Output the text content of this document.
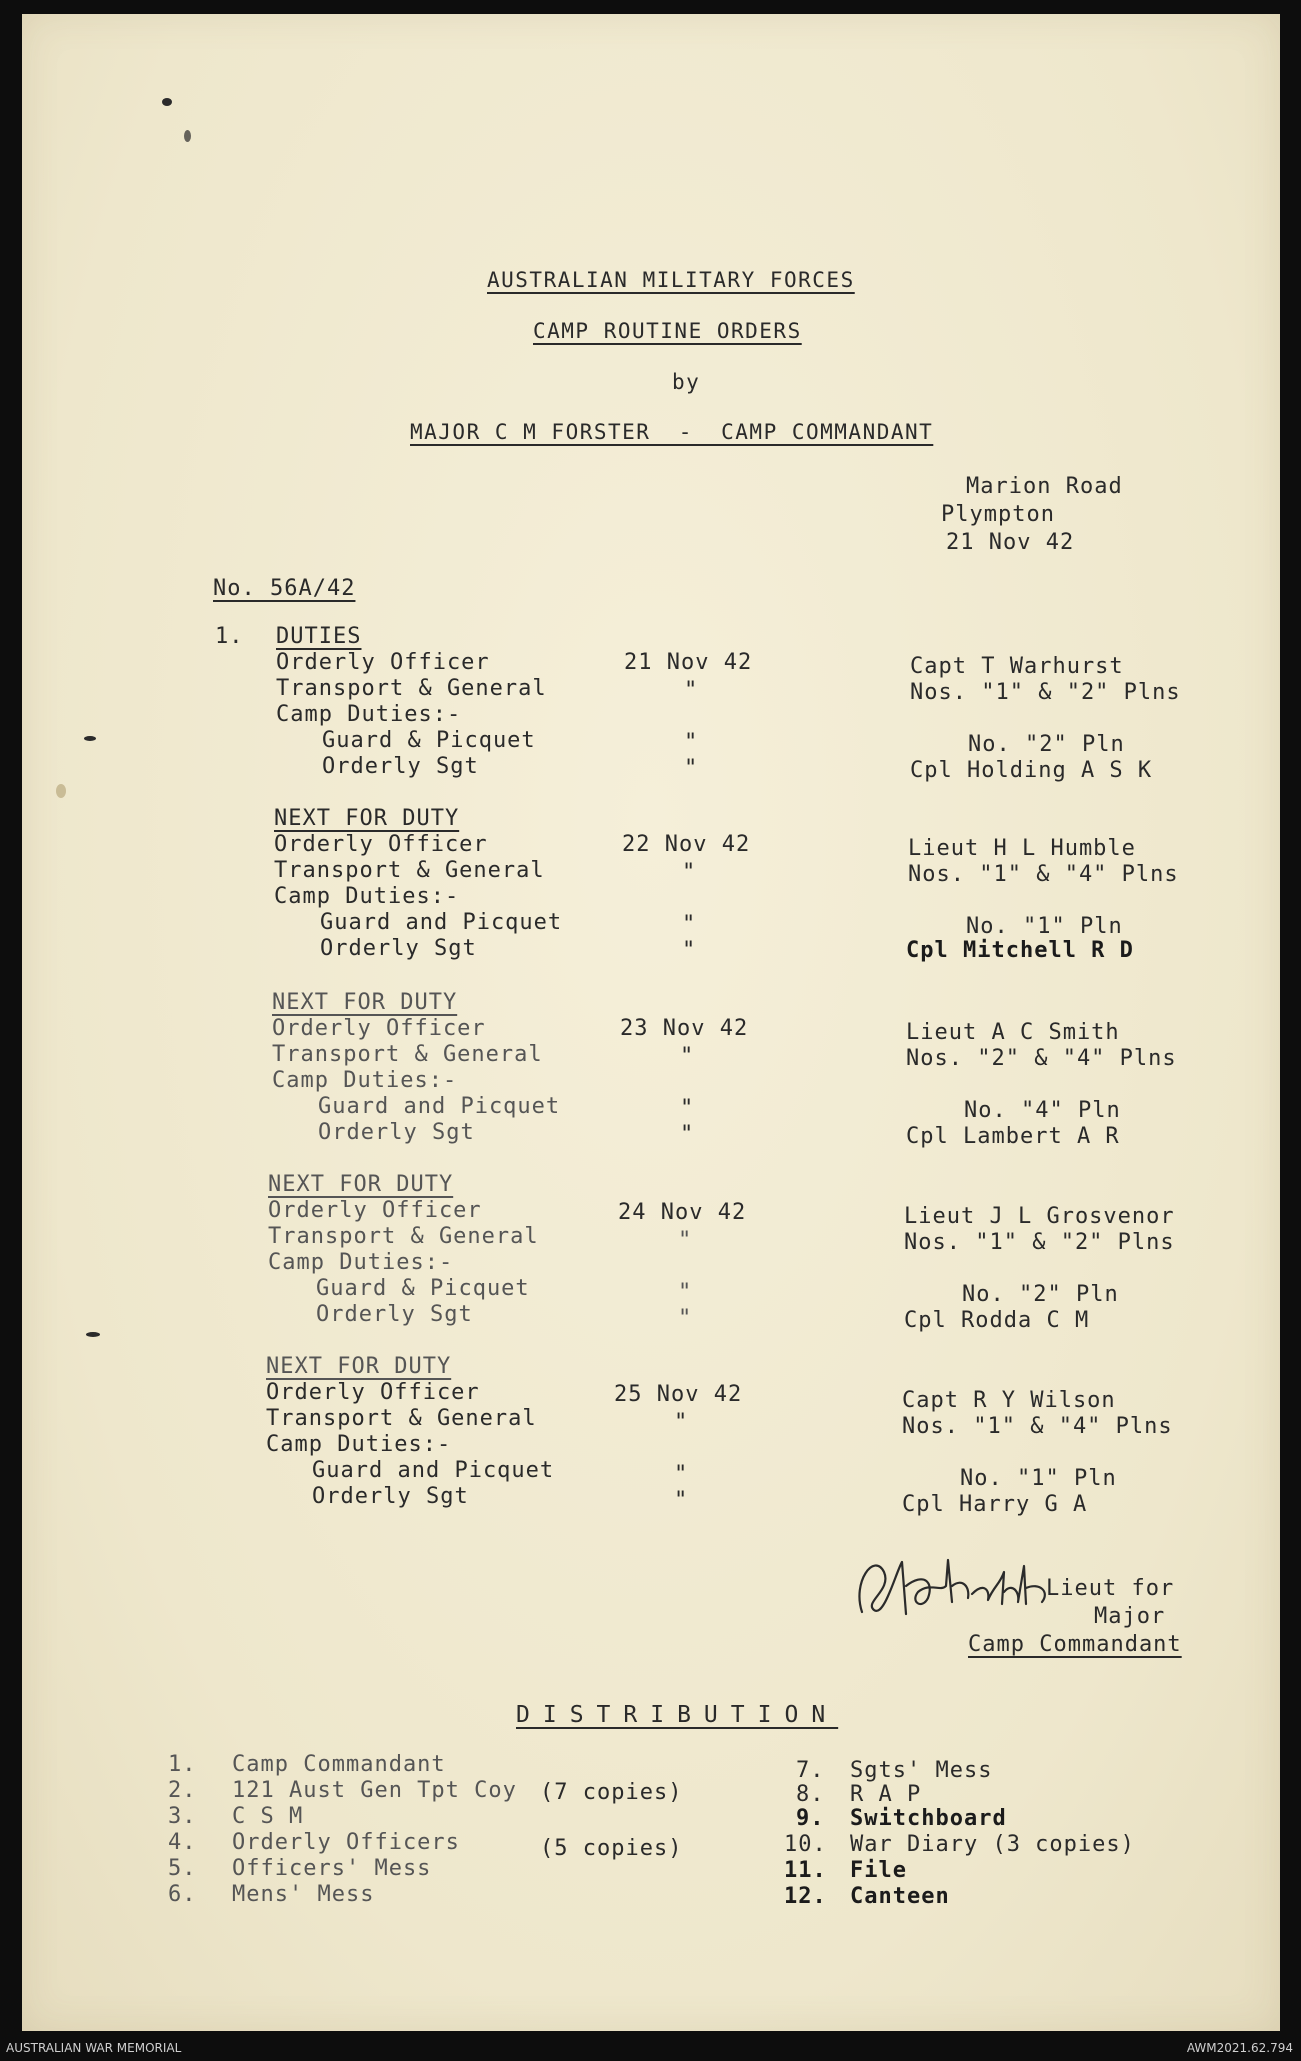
AUSTRALIAN MILITARY FORCES
CAMP ROUTINE ORDERS
by
MAJOR C M FORSTER  -  CAMP COMMANDANT
Marion Road
Plympton
21 Nov 42
No. 56A/42
1. DUTIES
Orderly Officer
Transport & General
Camp Duties:-
Guard & Picquet
Orderly Sgt
21 Nov 42
"
"
"
Capt T Warhurst
Nos. "1" & "2" Plns
No. "2" Pln
Cpl Holding A S K
NEXT FOR DUTY
Orderly Officer
Transport & General
Camp Duties:-
Guard and Picquet
Orderly Sgt
22 Nov 42
"
"
"
Lieut H L Humble
Nos. "1" & "4" Plns
No. "1" Pln
Cpl Mitchell R D
NEXT FOR DUTY
Orderly Officer
Transport & General
Camp Duties:-
Guard and Picquet
Orderly Sgt
23 Nov 42
"
"
"
Lieut A C Smith
Nos. "2" & "4" Plns
No. "4" Pln
Cpl Lambert A R
NEXT FOR DUTY
Orderly Officer
Transport & General
Camp Duties:-
Guard & Picquet
Orderly Sgt
24 Nov 42
"
"
"
Lieut J L Grosvenor
Nos. "1" & "2" Plns
No. "2" Pln
Cpl Rodda C M
NEXT FOR DUTY
Orderly Officer
Transport & General
Camp Duties:-
Guard and Picquet
Orderly Sgt
25 Nov 42
"
"
"
Capt R Y Wilson
Nos. "1" & "4" Plns
No. "1" Pln
Cpl Harry G A
Lieut for
Major
Camp Commandant
DISTRIBUTION
1. Camp Commandant
2. 121 Aust Gen Tpt Coy (7 copies)
3. C S M
4. Orderly Officers	(5 copies)
5. Officers' Mess
6. Mens' Mess
7. Sgts' Mess
8. R A P
9. Switchboard
10. War Diary (3 copies)
11. File
12. Canteen
AUSTRALIAN WAR MEMORIAL	AWM2021.62.794
